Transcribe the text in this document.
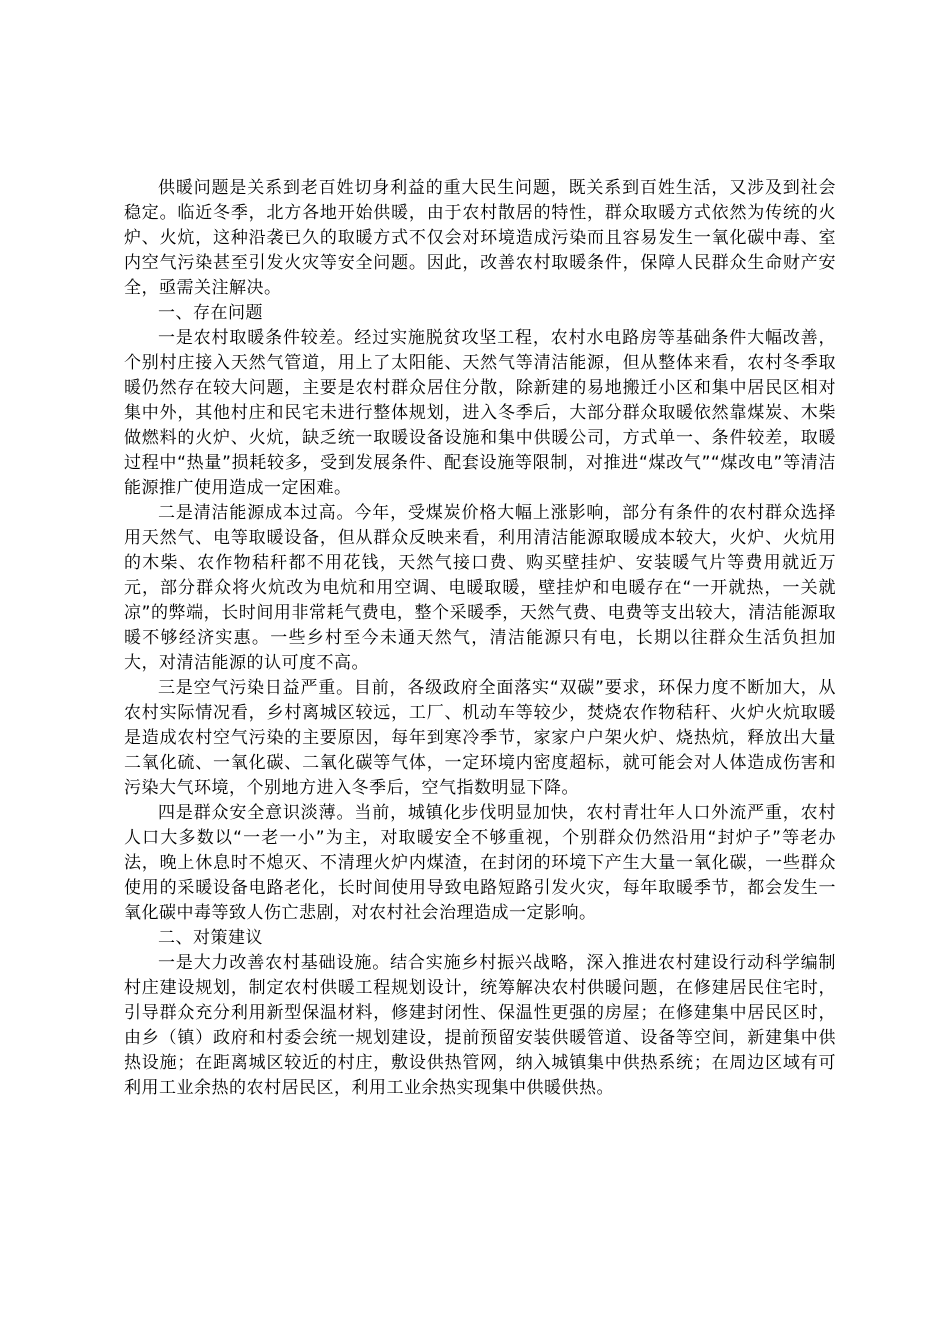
供暖问题是关系到老百姓切身利益的重大民生问题，既关系到百姓生活，又涉及到社会稳定。临近冬季，北方各地开始供暖，由于农村散居的特性，群众取暖方式依然为传统的火炉、火炕，这种沿袭已久的取暖方式不仅会对环境造成污染而且容易发生一氧化碳中毒、室内空气污染甚至引发火灾等安全问题。因此，改善农村取暖条件，保障人民群众生命财产安全，亟需关注解决。

一、存在问题

一是农村取暖条件较差。经过实施脱贫攻坚工程，农村水电路房等基础条件大幅改善，个别村庄接入天然气管道，用上了太阳能、天然气等清洁能源，但从整体来看，农村冬季取暖仍然存在较大问题，主要是农村群众居住分散，除新建的易地搬迁小区和集中居民区相对集中外，其他村庄和民宅未进行整体规划，进入冬季后，大部分群众取暖依然靠煤炭、木柴做燃料的火炉、火炕，缺乏统一取暖设备设施和集中供暖公司，方式单一、条件较差，取暖过程中“热量”损耗较多，受到发展条件、配套设施等限制，对推进“煤改气”“煤改电”等清洁能源推广使用造成一定困难。

二是清洁能源成本过高。今年，受煤炭价格大幅上涨影响，部分有条件的农村群众选择用天然气、电等取暖设备，但从群众反映来看，利用清洁能源取暖成本较大，火炉、火炕用的木柴、农作物秸秆都不用花钱，天然气接口费、购买壁挂炉、安装暖气片等费用就近万元，部分群众将火炕改为电炕和用空调、电暖取暖，壁挂炉和电暖存在“一开就热，一关就凉”的弊端，长时间用非常耗气费电，整个采暖季，天然气费、电费等支出较大，清洁能源取暖不够经济实惠。一些乡村至今未通天然气，清洁能源只有电，长期以往群众生活负担加大，对清洁能源的认可度不高。

三是空气污染日益严重。目前，各级政府全面落实“双碳”要求，环保力度不断加大，从农村实际情况看，乡村离城区较远，工厂、机动车等较少，焚烧农作物秸秆、火炉火炕取暖是造成农村空气污染的主要原因，每年到寒冷季节，家家户户架火炉、烧热炕，释放出大量二氧化硫、一氧化碳、二氧化碳等气体，一定环境内密度超标，就可能会对人体造成伤害和污染大气环境，个别地方进入冬季后，空气指数明显下降。

四是群众安全意识淡薄。当前，城镇化步伐明显加快，农村青壮年人口外流严重，农村人口大多数以“一老一小”为主，对取暖安全不够重视，个别群众仍然沿用“封炉子”等老办法，晚上休息时不熄灭、不清理火炉内煤渣，在封闭的环境下产生大量一氧化碳，一些群众使用的采暖设备电路老化，长时间使用导致电路短路引发火灾，每年取暖季节，都会发生一氧化碳中毒等致人伤亡悲剧，对农村社会治理造成一定影响。

二、对策建议

一是大力改善农村基础设施。结合实施乡村振兴战略，深入推进农村建设行动科学编制村庄建设规划，制定农村供暖工程规划设计，统筹解决农村供暖问题，在修建居民住宅时，引导群众充分利用新型保温材料，修建封闭性、保温性更强的房屋；在修建集中居民区时，由乡（镇）政府和村委会统一规划建设，提前预留安装供暖管道、设备等空间，新建集中供热设施；在距离城区较近的村庄，敷设供热管网，纳入城镇集中供热系统；在周边区域有可利用工业余热的农村居民区，利用工业余热实现集中供暖供热。
